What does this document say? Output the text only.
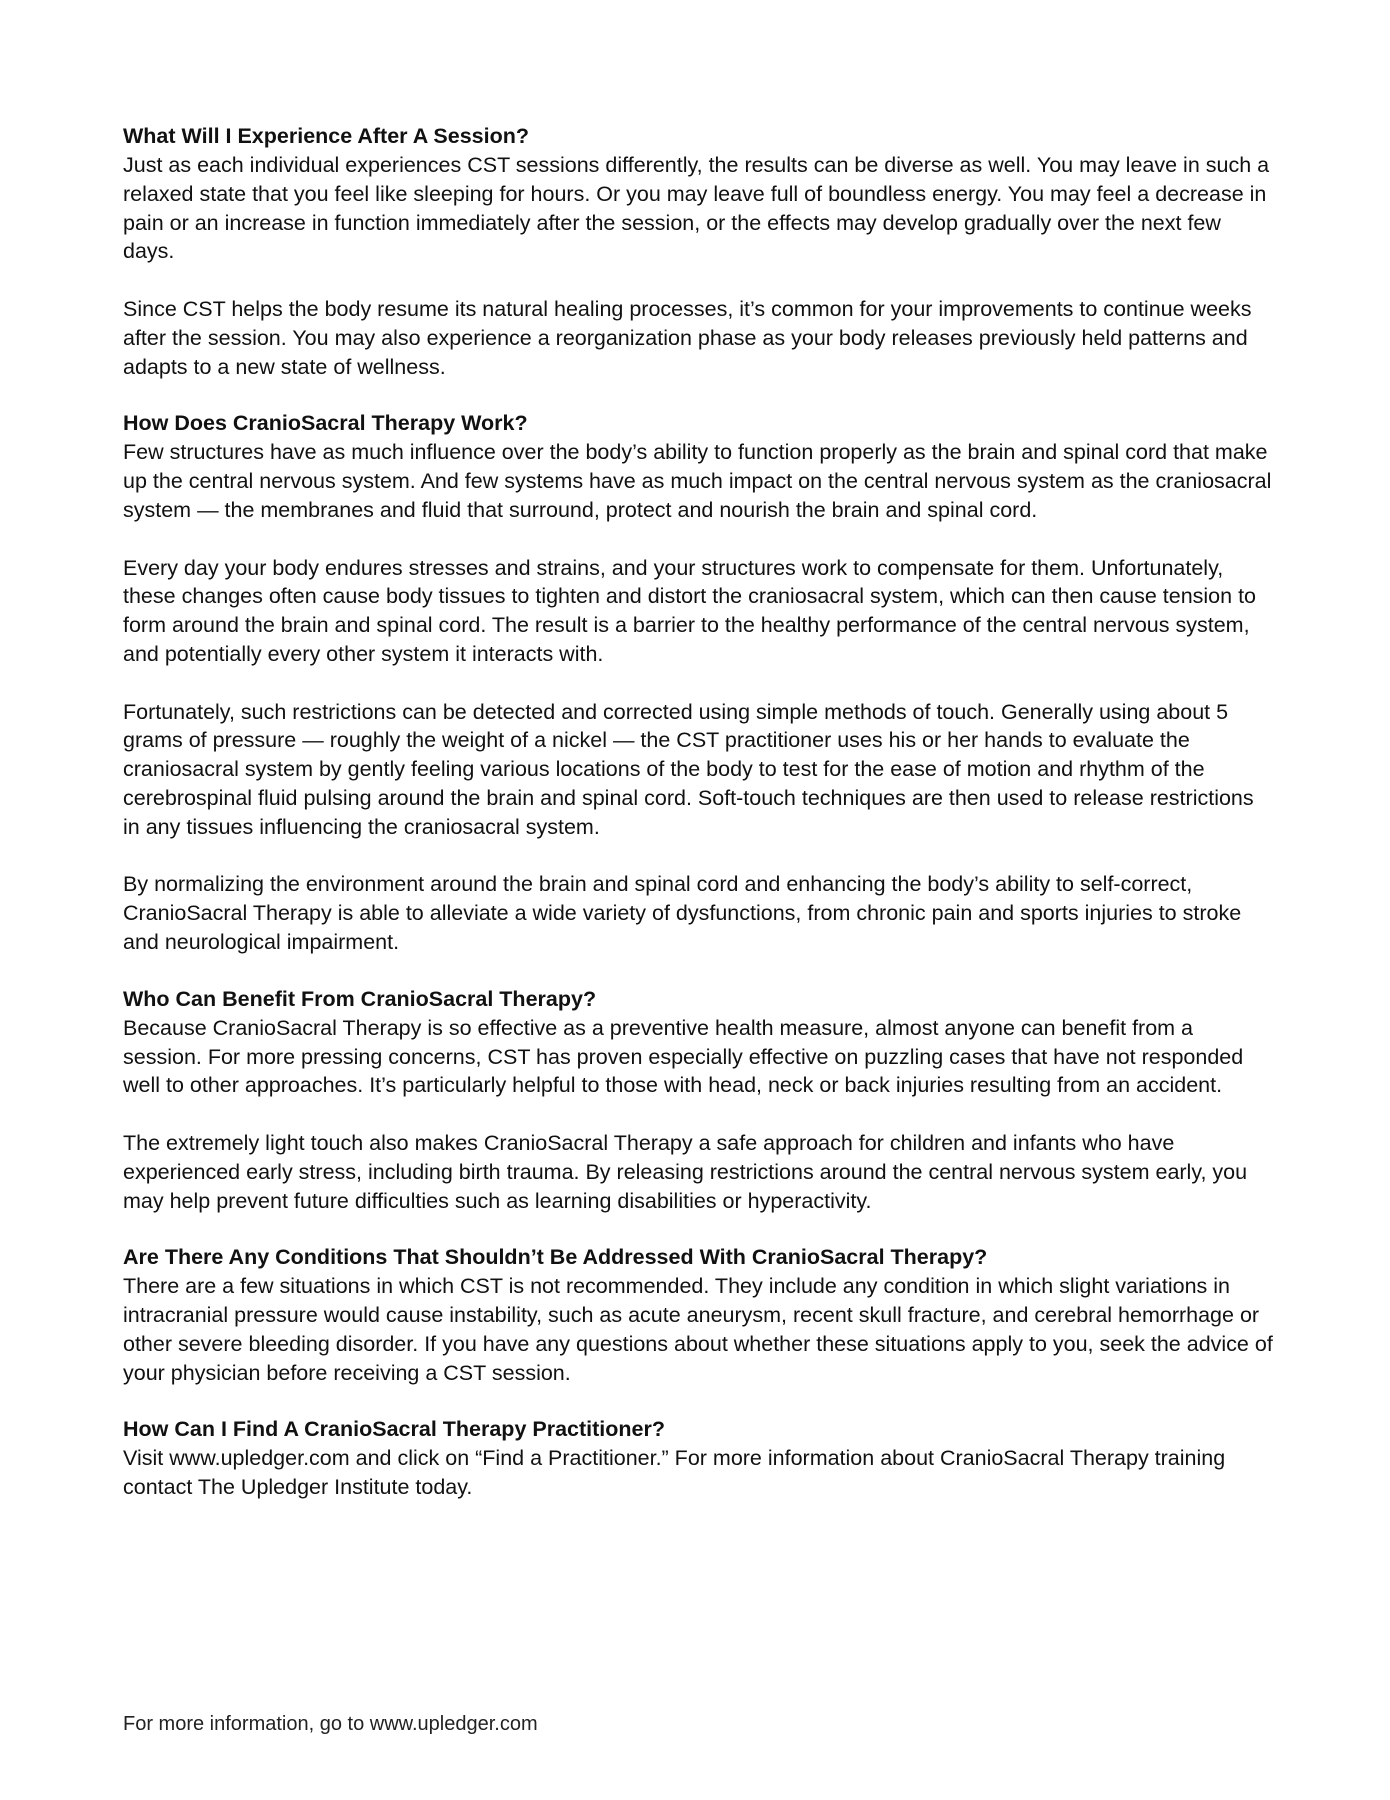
What Will I Experience After A Session?

Just as each individual experiences CST sessions differently, the results can be diverse as well. You may leave in such a relaxed state that you feel like sleeping for hours. Or you may leave full of boundless energy. You may feel a decrease in pain or an increase in function immediately after the session, or the effects may develop gradually over the next few days.

Since CST helps the body resume its natural healing processes, it’s common for your improvements to continue weeks after the session. You may also experience a reorganization phase as your body releases previously held patterns and adapts to a new state of wellness.

How Does CranioSacral Therapy Work?

Few structures have as much influence over the body’s ability to function properly as the brain and spinal cord that make up the central nervous system. And few systems have as much impact on the central nervous system as the craniosacral system — the membranes and fluid that surround, protect and nourish the brain and spinal cord.

Every day your body endures stresses and strains, and your structures work to compensate for them. Unfortunately, these changes often cause body tissues to tighten and distort the craniosacral system, which can then cause tension to form around the brain and spinal cord. The result is a barrier to the healthy performance of the central nervous system, and potentially every other system it interacts with.

Fortunately, such restrictions can be detected and corrected using simple methods of touch. Generally using about 5 grams of pressure — roughly the weight of a nickel — the CST practitioner uses his or her hands to evaluate the craniosacral system by gently feeling various locations of the body to test for the ease of motion and rhythm of the cerebrospinal fluid pulsing around the brain and spinal cord. Soft-touch techniques are then used to release restrictions in any tissues influencing the craniosacral system.

By normalizing the environment around the brain and spinal cord and enhancing the body’s ability to self-correct, CranioSacral Therapy is able to alleviate a wide variety of dysfunctions, from chronic pain and sports injuries to stroke and neurological impairment.

Who Can Benefit From CranioSacral Therapy?

Because CranioSacral Therapy is so effective as a preventive health measure, almost anyone can benefit from a session. For more pressing concerns, CST has proven especially effective on puzzling cases that have not responded well to other approaches. It’s particularly helpful to those with head, neck or back injuries resulting from an accident.

The extremely light touch also makes CranioSacral Therapy a safe approach for children and infants who have experienced early stress, including birth trauma. By releasing restrictions around the central nervous system early, you may help prevent future difficulties such as learning disabilities or hyperactivity.

Are There Any Conditions That Shouldn’t Be Addressed With CranioSacral Therapy?

There are a few situations in which CST is not recommended. They include any condition in which slight variations in intracranial pressure would cause instability, such as acute aneurysm, recent skull fracture, and cerebral hemorrhage or other severe bleeding disorder. If you have any questions about whether these situations apply to you, seek the advice of your physician before receiving a CST session.

How Can I Find A CranioSacral Therapy Practitioner?

Visit www.upledger.com and click on “Find a Practitioner.” For more information about CranioSacral Therapy training contact The Upledger Institute today.

For more information, go to www.upledger.com
